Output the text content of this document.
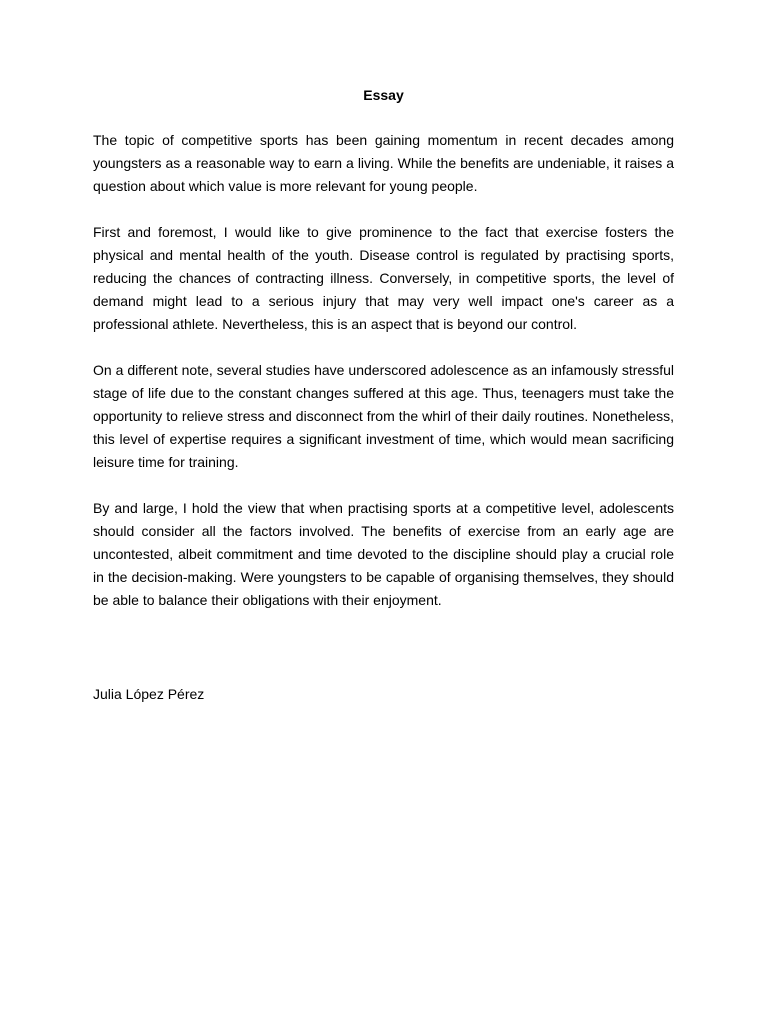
Essay

The topic of competitive sports has been gaining momentum in recent decades among youngsters as a reasonable way to earn a living. While the benefits are undeniable, it raises a question about which value is more relevant for young people.

First and foremost, I would like to give prominence to the fact that exercise fosters the physical and mental health of the youth. Disease control is regulated by practising sports, reducing the chances of contracting illness. Conversely, in competitive sports, the level of demand might lead to a serious injury that may very well impact one's career as a professional athlete. Nevertheless, this is an aspect that is beyond our control.

On a different note, several studies have underscored adolescence as an infamously stressful stage of life due to the constant changes suffered at this age. Thus, teenagers must take the opportunity to relieve stress and disconnect from the whirl of their daily routines. Nonetheless, this level of expertise requires a significant investment of time, which would mean sacrificing leisure time for training.

By and large, I hold the view that when practising sports at a competitive level, adolescents should consider all the factors involved. The benefits of exercise from an early age are uncontested, albeit commitment and time devoted to the discipline should play a crucial role in the decision-making. Were youngsters to be capable of organising themselves, they should be able to balance their obligations with their enjoyment.

Julia López Pérez
